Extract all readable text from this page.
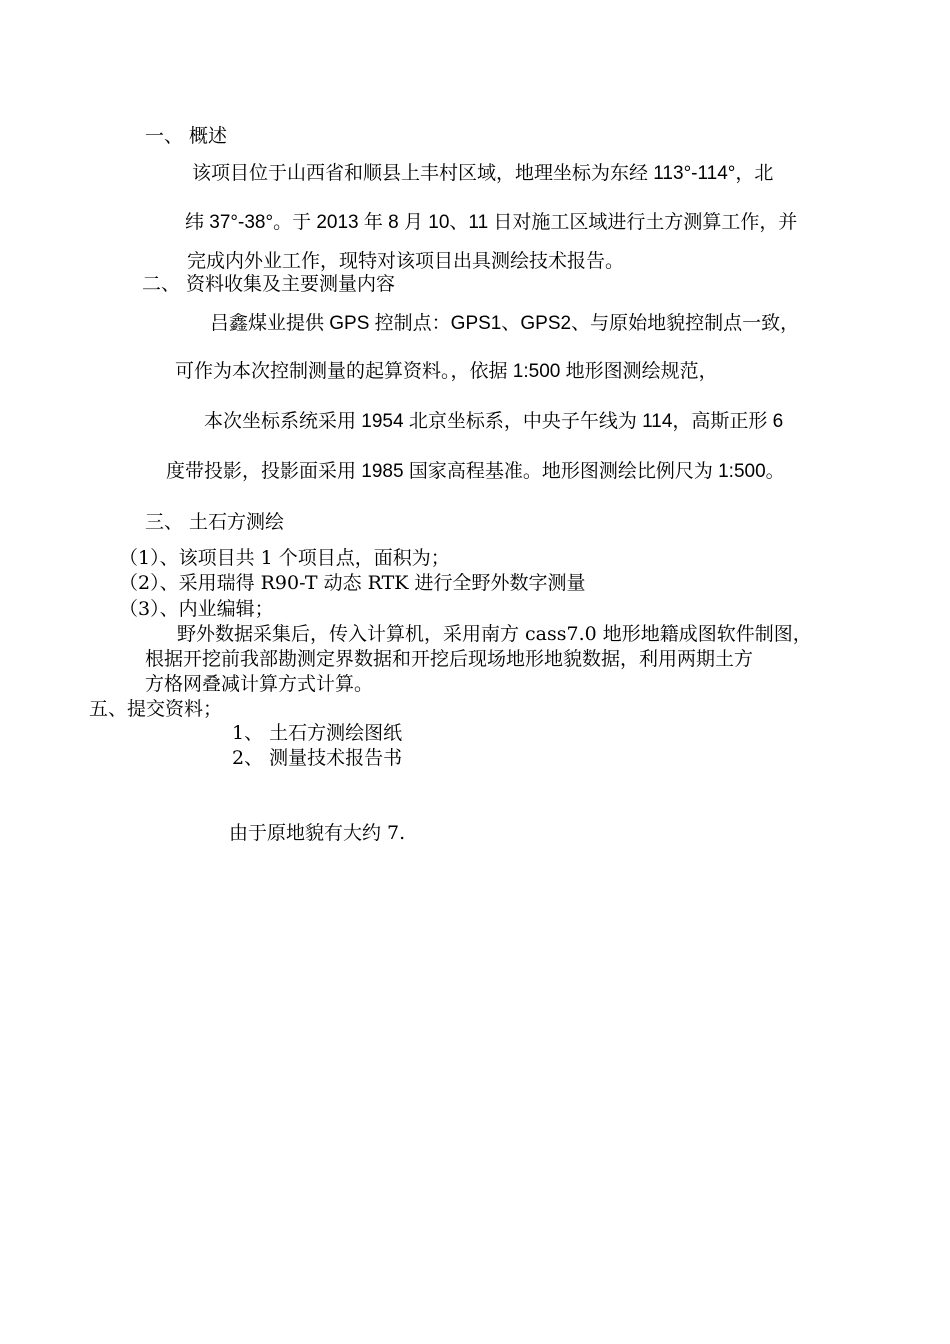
一、 概述
该项目位于山西省和顺县上丰村区域，地理坐标为东经 113°-114°，北
纬 37°-38°。于 2013 年 8 月 10、11 日对施工区域进行土方测算工作，并
完成内外业工作，现特对该项目出具测绘技术报告。
二、 资料收集及主要测量内容
吕鑫煤业提供 GPS 控制点：GPS1、GPS2、与原始地貌控制点一致，
可作为本次控制测量的起算资料。，依据 1:500 地形图测绘规范，
本次坐标系统采用 1954 北京坐标系，中央子午线为 114，高斯正形 6
度带投影，投影面采用 1985 国家高程基准。地形图测绘比例尺为 1:500。
三、 土石方测绘
（1）、该项目共 1 个项目点，面积为；
（2）、采用瑞得 R90-T 动态 RTK 进行全野外数字测量
（3）、内业编辑；
野外数据采集后，传入计算机，采用南方 cass7.0 地形地籍成图软件制图，
根据开挖前我部勘测定界数据和开挖后现场地形地貌数据，利用两期土方
方格网叠减计算方式计算。
五、提交资料；
1、 土石方测绘图纸
2、 测量技术报告书
由于原地貌有大约 7.
